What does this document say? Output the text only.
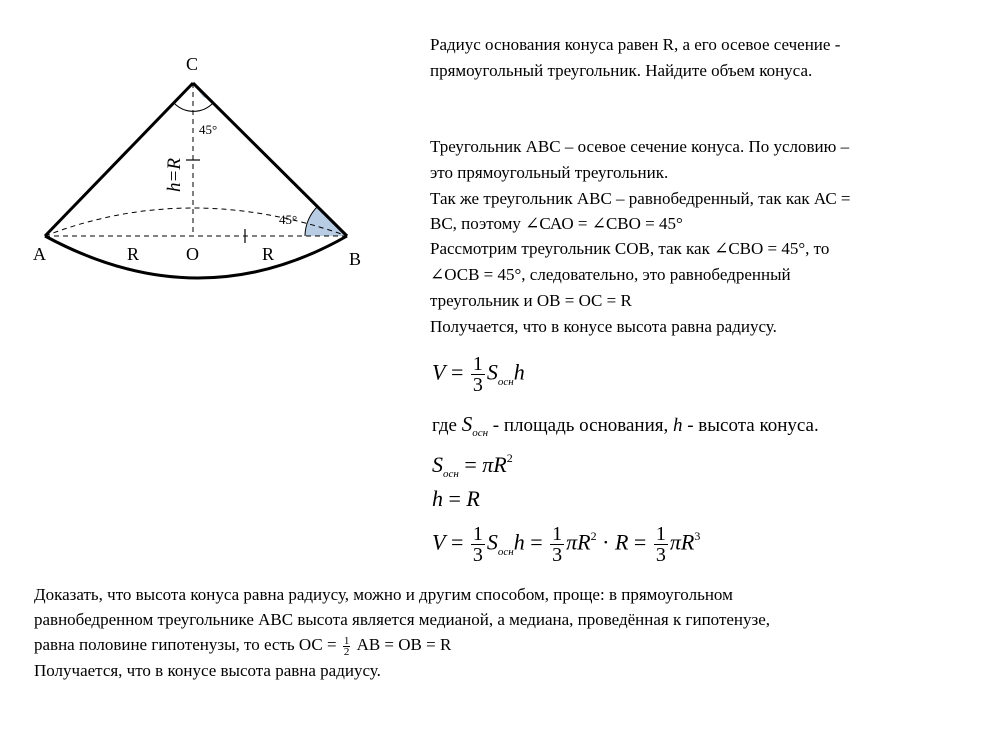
C
A	B
O
R	R
h=R
45°
45°
Радиус основания конуса равен R, а его осевое сечение -
прямоугольный треугольник. Найдите объем конуса.
Треугольник АВС – осевое сечение конуса. По условию –
это прямоугольный треугольник.
Так же треугольник АВС – равнобедренный, так как АС =
ВС, поэтому ∠САО = ∠СВО = 45°
Рассмотрим треугольник СОВ, так как ∠СВО = 45°, то
∠ОСВ = 45°, следовательно, это равнобедренный
треугольник и ОВ = ОС = R
Получается, что в конусе высота равна радиусу.
$V = \frac{1}{3} S_{осн}h$
где $S_{осн}$ - площадь основания, h - высота конуса.
$S_{осн} = \pi R^2$
h = R
$V = \frac{1}{3} S_{осн}h = \frac{1}{3} \pi R^2 \cdot R = \frac{1}{3} \pi R^3$
Доказать, что высота конуса равна радиусу, можно и другим способом, проще: в прямоугольном
равнобедренном треугольнике АВС высота является медианой, а медиана, проведённая к гипотенузе,
равна половине гипотенузы, то есть ОС = $\frac{1}{2}$ АВ = ОВ = R
Получается, что в конусе высота равна радиусу.
